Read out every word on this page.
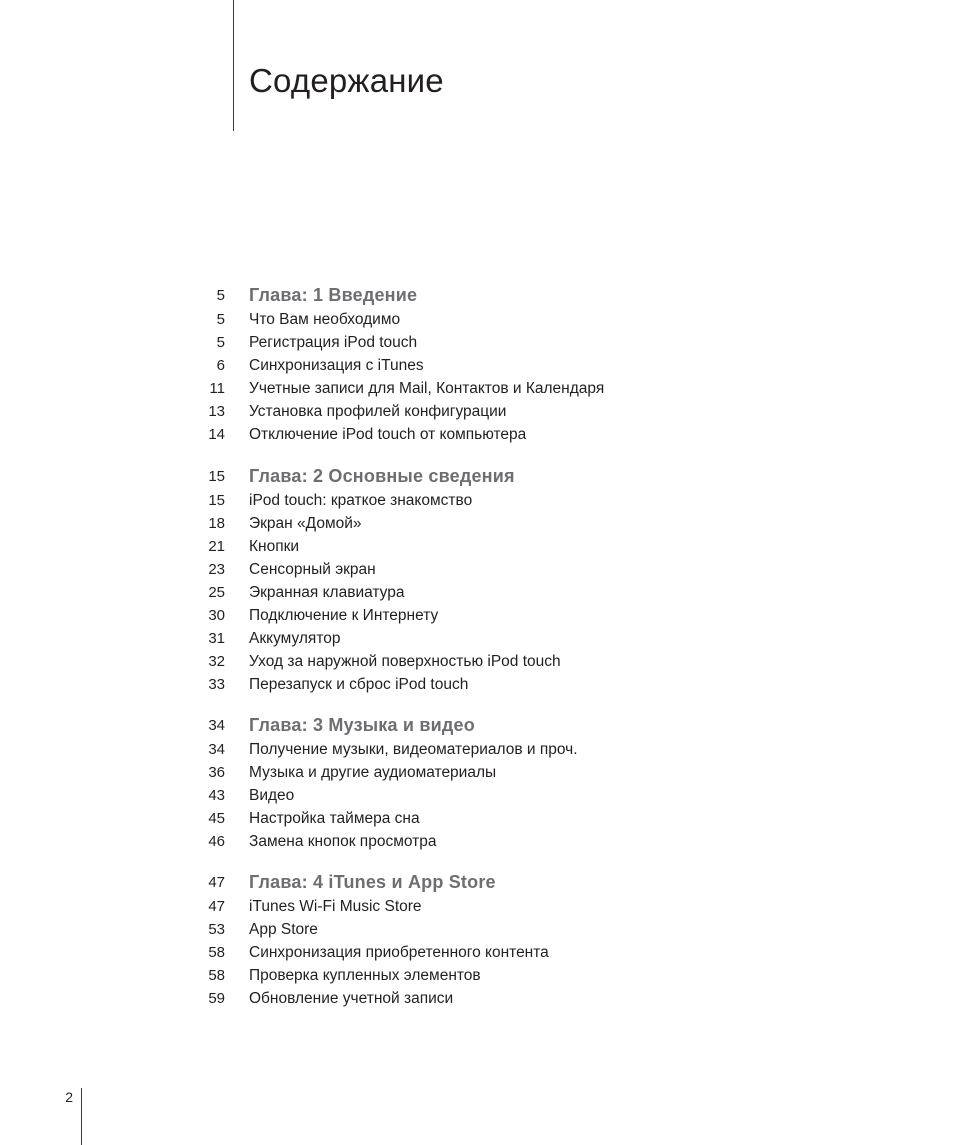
Содержание
5 Глава: 1 Введение
5 Что Вам необходимо
5 Регистрация iPod touch
6 Синхронизация с iTunes
11 Учетные записи для Mail, Контактов и Календаря
13 Установка профилей конфигурации
14 Отключение iPod touch от компьютера
15 Глава: 2 Основные сведения
15 iPod touch: краткое знакомство
18 Экран «Домой»
21 Кнопки
23 Сенсорный экран
25 Экранная клавиатура
30 Подключение к Интернету
31 Аккумулятор
32 Уход за наружной поверхностью iPod touch
33 Перезапуск и сброс iPod touch
34 Глава: 3 Музыка и видео
34 Получение музыки, видеоматериалов и проч.
36 Музыка и другие аудиоматериалы
43 Видео
45 Настройка таймера сна
46 Замена кнопок просмотра
47 Глава: 4 iTunes и App Store
47 iTunes Wi-Fi Music Store
53 App Store
58 Синхронизация приобретенного контента
58 Проверка купленных элементов
59 Обновление учетной записи
2
